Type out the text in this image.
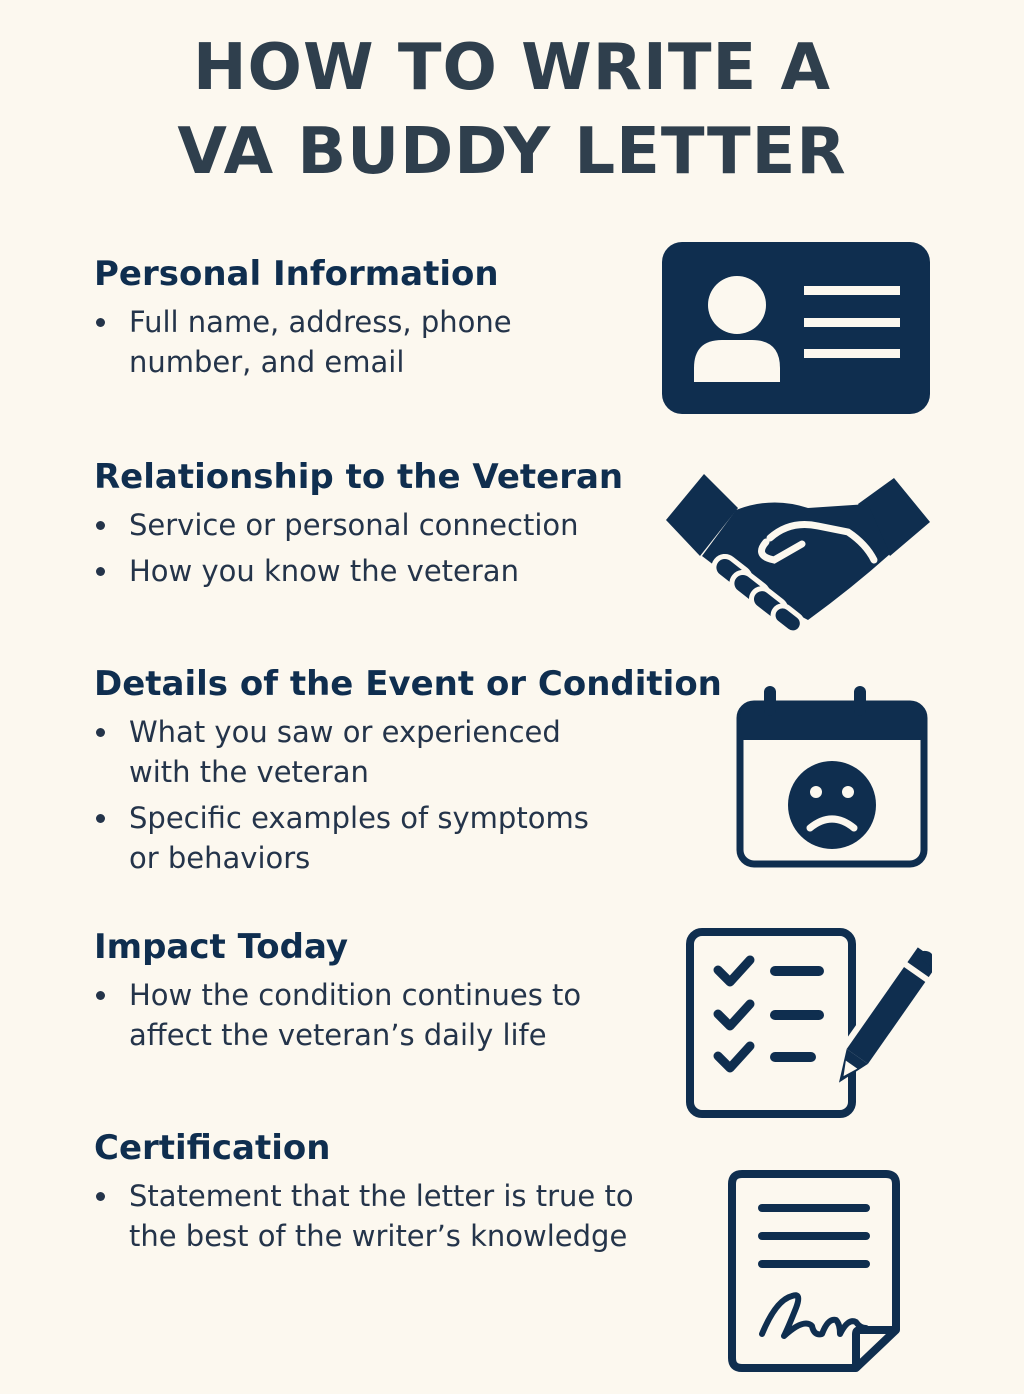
HOW TO WRITE A
VA BUDDY LETTER
Personal Information
Full name, address, phone
number, and email
Relationship to the Veteran
Service or personal connection
How you know the veteran
Details of the Event or Condition
What you saw or experienced
with the veteran
Specific examples of symptoms
or behaviors
Impact Today
How the condition continues to
affect the veteran’s daily life
Certification
Statement that the letter is true to
the best of the writer’s knowledge
